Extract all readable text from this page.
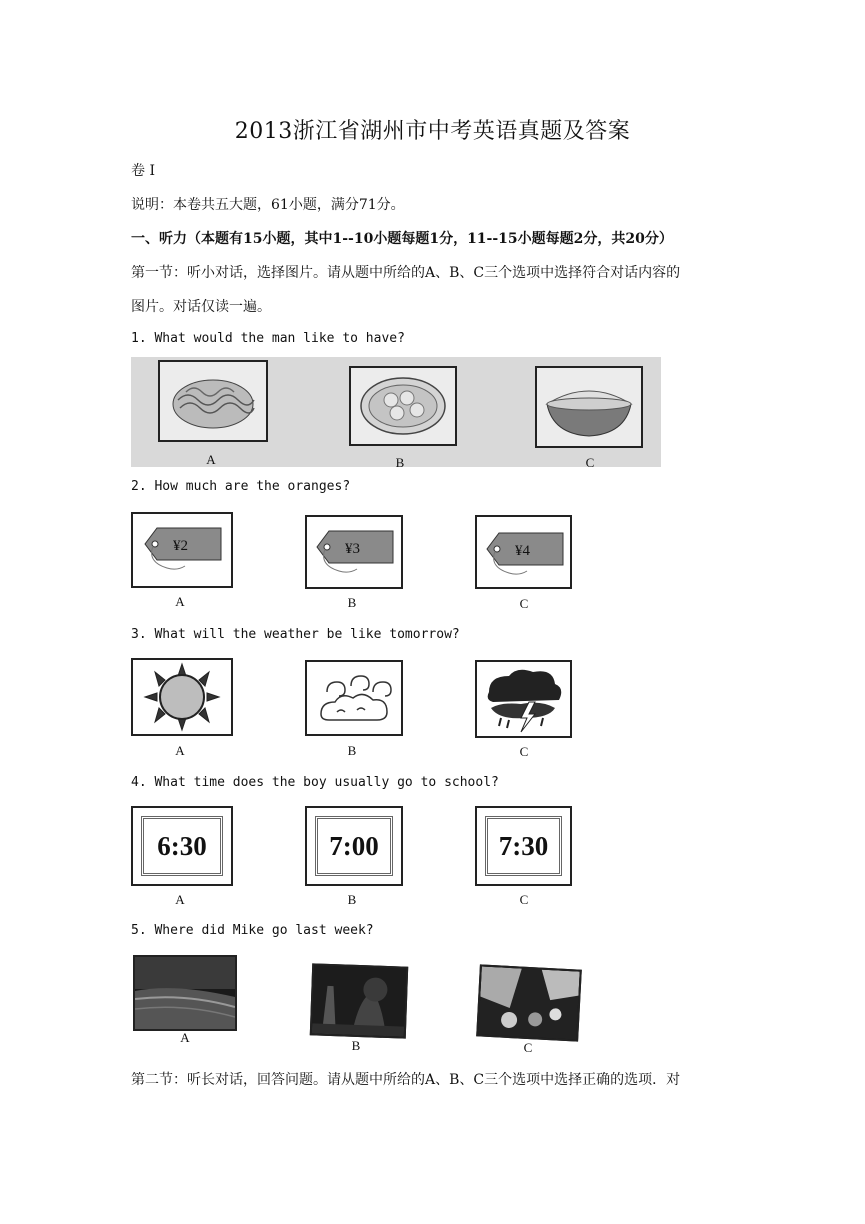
2013浙江省湖州市中考英语真题及答案
卷 I
说明：本卷共五大题，61小题，满分71分。
一、听力（本题有15小题，其中1--10小题每题1分，11--15小题每题2分，共20分）
第一节：听小对话，选择图片。请从题中所给的A、B、C三个选项中选择符合对话内容的
图片。对话仅读一遍。
1. What would the man like to have?
A	B	C
2. How much are the oranges?
¥2
A
¥3
B
¥4
C
3. What will the weather be like tomorrow?
A	B	C
4. What time does the boy usually go to school?
6:30
A
7:00
B
7:30
C
5. Where did Mike go last week?
A
B	C
第二节：听长对话，回答问题。请从题中所给的A、B、C三个选项中选择正确的选项．对
